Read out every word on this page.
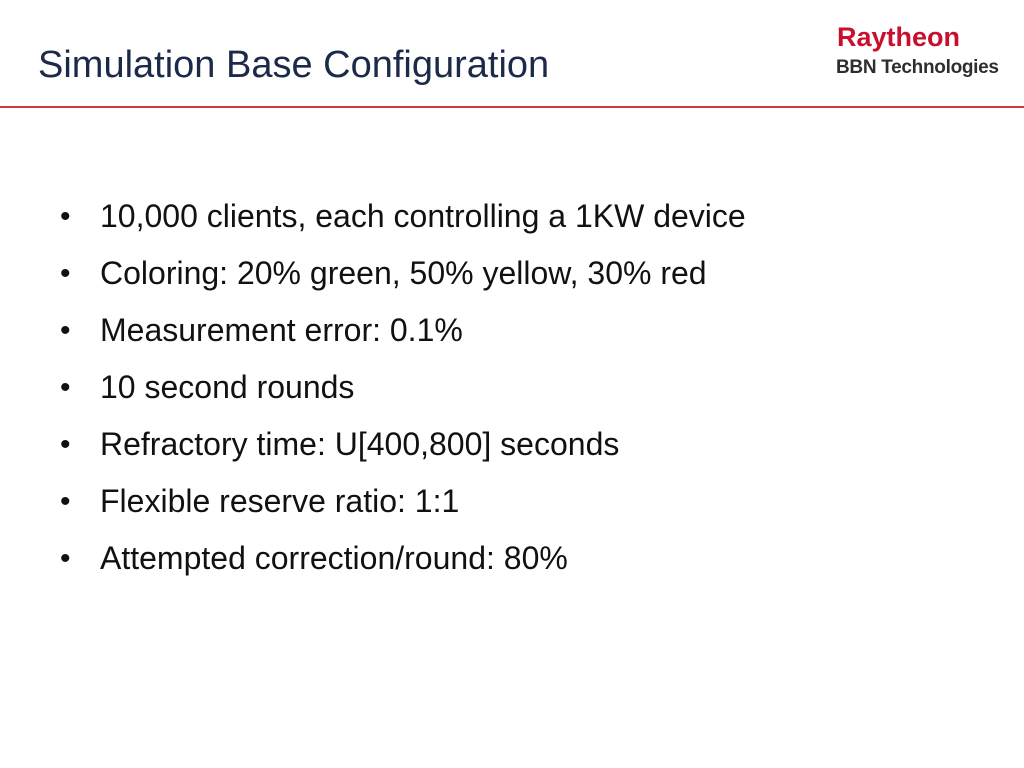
Simulation Base Configuration
Raytheon
BBN Technologies
• 10,000 clients, each controlling a 1KW device
• Coloring: 20% green, 50% yellow, 30% red
• Measurement error: 0.1%
• 10 second rounds
• Refractory time: U[400,800] seconds
• Flexible reserve ratio: 1:1
• Attempted correction/round: 80%
